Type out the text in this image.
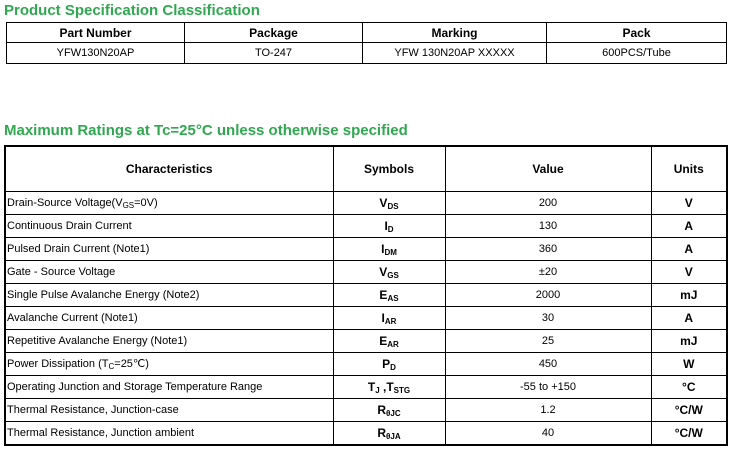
Product Specification Classification
Part Number	Package	Marking	Pack
YFW130N20AP	TO-247	YFW 130N20AP XXXXX	600PCS/Tube
Maximum Ratings at Tc=25°C unless otherwise specified
Characteristics	Symbols	Value	Units
Drain-Source $Voltage(V_{GS}=0V)$	$V_{DS}$	200	V
Continuous Drain Current	$I_D$	130	A
Pulsed Drain Current (Note1)	$I_{DM}$	360	A
Gate - Source Voltage	$V_{GS}$	±20	V
Single Pulse Avalanche Energy (Note2)	$E_{AS}$	2000	mJ
Avalanche Current (Note1)	$I_{AR}$	30	A
Repetitive Avalanche Energy (Note1)	$E_{AR}$	25	mJ
Power Dissipation $(T_C=25℃)$	$P_D$	450	W
Operating Junction and Storage Temperature Range	$T_J$ $,T_{STG}$	-55 to +150	°C
Thermal Resistance, Junction-case	$R_{\theta JC}$	1.2	°C/W
Thermal Resistance, Junction ambient	$R_{\theta JA}$	40	°C/W
